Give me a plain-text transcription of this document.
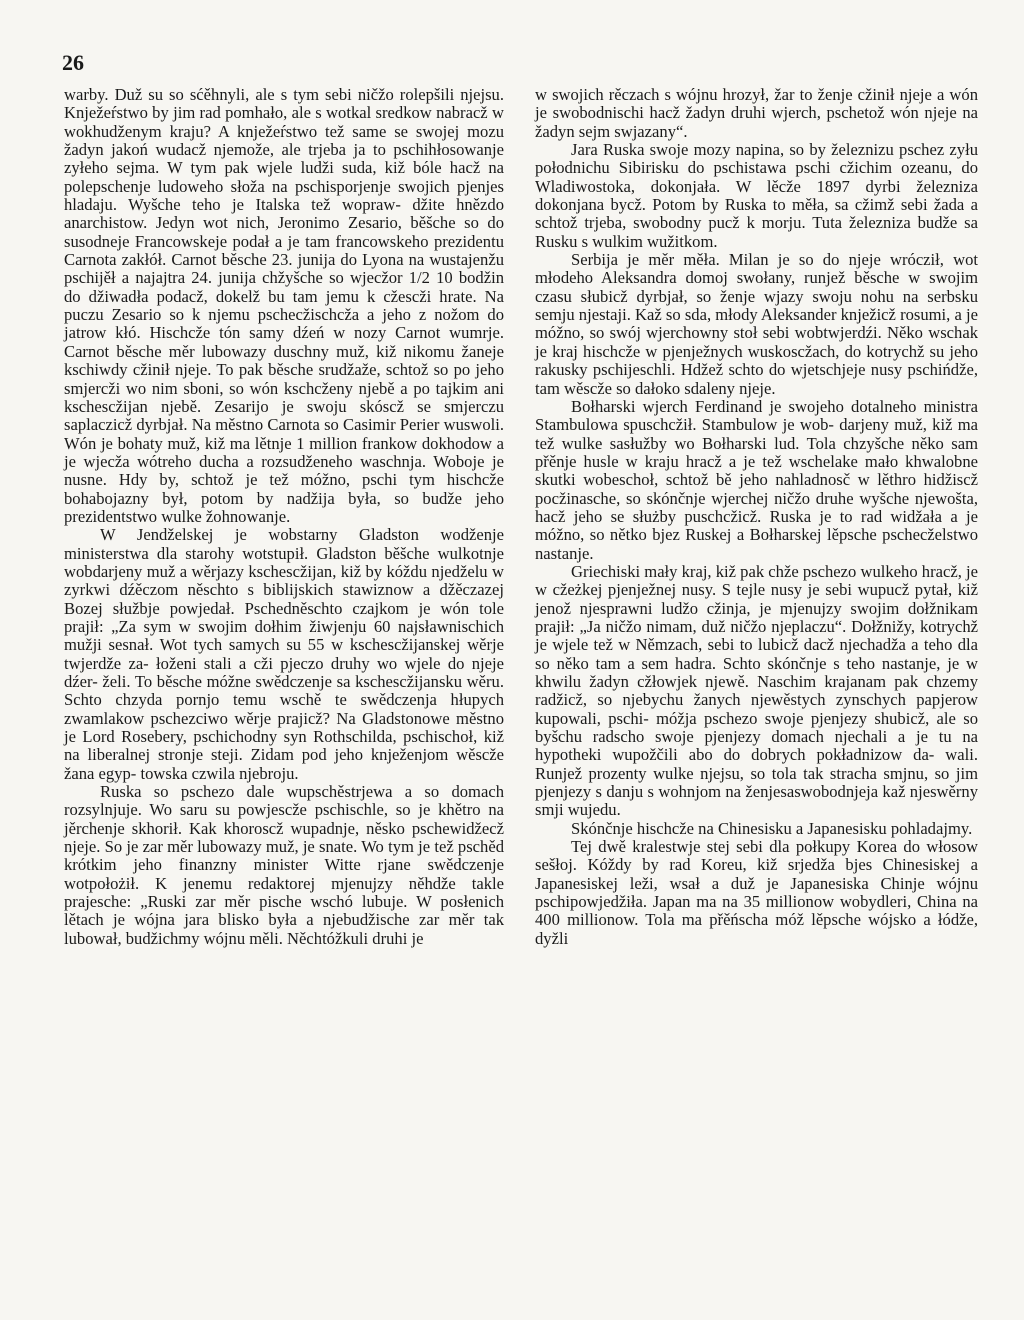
26

warby. Duž su so sćěhnyli, ale s tym sebi ničžo rolepšili njejsu. Knježeŕstwo by jim rad pomhało, ale s wotkal sredkow nabracž w wokhudženym kraju? A knježeŕstwo tež same se swojej mozu žadyn jakoń wudacž njemože, ale trjeba ja to pschihłosowanje zyłeho sejma. W tym pak wjele ludži suda, kiž bóle hacž na polepschenje ludoweho słoža na pschisporjenje swojich pjenjes hladaju. Wyšche teho je Italska tež wopraw- džite hnězdo anarchistow. Jedyn wot nich, Jeronimo Zesario, běšche so do susodneje Francowskeje podał a je tam francowskeho prezidentu Carnota zakłół. Carnot běsche 23. junija do Lyona na wustajenžu pschijěł a najajtra 24. junija chžyšche so wjecžor 1/2 10 bodžin do džiwadła podacž, dokelž bu tam jemu k cžescži hrate. Na puczu Zesario so k njemu pschecžischcža a jeho z nožom do jatrow kłó. Hischcže tón samy dźeń w nozy Carnot wumrje. Carnot běsche měr lubowazy duschny muž, kiž nikomu žaneje kschiwdy cžinił njeje. To pak běsche srudžaže, schtož so po jeho smjercži wo nim sboni, so wón kschcženy njebě a po tajkim ani kschescžijan njebě. Zesarijo je swoju skóscž se smjerczu saplaczicž dyrbjał. Na městno Carnota so Casimir Perier wuswoli. Wón je bohaty muž, kiž ma lětnje 1 million frankow dokhodow a je wjecža wótreho ducha a rozsudženeho waschnja. Woboje je nusne. Hdy by, schtož je tež móžno, pschi tym hischcže bohabojazny był, potom by nadžija była, so budže jeho prezidentstwo wulke žohnowanje.

W Jendželskej je wobstarny Gladston wodženje ministerstwa dla starohy wotstupił. Gladston běšche wulkotnje wobdarjeny muž a wěrjazy kschescžijan, kiž by kóždu njedželu w zyrkwi dźěczom něschto s biblijskich stawiznow a džěczazej Bozej słužbje powjedał. Pschedněschto czajkom je wón tole prajił: „Za sym w swojim dołhim žiwjenju 60 najsławnischich mužji sesnał. Wot tych samych su 55 w kschescžijanskej wěrje twjerdže za- łoženi stali a cži pjeczo druhy wo wjele do njeje dźer- želi. To běsche móžne swědczenje sa kschescžijansku wěru. Schto chzyda pornjo temu wschě te swědczenja hłupych zwamlakow pschezciwo wěrje prajicž? Na Gladstonowe městno je Lord Rosebery, pschichodny syn Rothschilda, pschischoł, kiž na liberalnej stronje steji. Zidam pod jeho knježenjom wěscže žana egyp- towska czwila njebroju.

Ruska so pschezo dale wupschěstrjewa a so domach rozsylnjuje. Wo saru su powjescže pschischle, so je khětro na jěrchenje skhorił. Kak khoroscž wupadnje, něsko pschewidžecž njeje. So je zar měr lubowazy muž, je snate. Wo tym je tež pschěd krótkim jeho finanzny minister Witte rjane swědczenje wotpołożił. K jenemu redaktorej mjenujzy něhdže takle prajesche: „Ruski zar měr pische wschó lubuje. W posłenich lětach je wójna jara blisko była a njebudžische zar měr tak lubował, budžichmy wójnu měli. Něchtóžkuli druhi je

w swojich rěczach s wójnu hrozył, žar to ženje cžinił njeje a wón je swobodnischi hacž žadyn druhi wjerch, pschetož wón njeje na žadyn sejm swjazany“.

Jara Ruska swoje mozy napina, so by železnizu pschez zyłu połodnichu Sibirisku do pschistawa pschi cžichim ozeanu, do Wladiwostoka, dokonjała. W lěcže 1897 dyrbi železniza dokonjana bycž. Potom by Ruska to měła, sa cžimž sebi žada a schtož trjeba, swobodny pucž k morju. Tuta železniza budže sa Rusku s wulkim wužitkom.

Serbija je měr měła. Milan je so do njeje wrócził, wot młodeho Aleksandra domoj swołany, runjež běsche w swojim czasu słubicž dyrbjał, so ženje wjazy swoju nohu na serbsku semju njestaji. Kaž so sda, młody Aleksander knježicž rosumi, a je móžno, so swój wjerchowny stoł sebi wobtwjerdźi. Něko wschak je kraj hischcže w pjenježnych wuskoscžach, do kotrychž su jeho rakusky pschijeschli. Hdžež schto do wjetschjeje nusy pschińdže, tam wěscže so dałoko sdaleny njeje.

Bołharski wjerch Ferdinand je swojeho dotalneho ministra Stambulowa spuschcžił. Stambulow je wob- darjeny muž, kiž ma tež wulke sasłužby wo Bołharski lud. Tola chzyšche něko sam přěnje husle w kraju hracž a je tež wschelake mało khwalobne skutki wobeschoł, schtož bě jeho nahladnosč w lěthro hidžiscž pocžinasche, so skónčnje wjerchej ničžo druhe wyšche njewošta, hacž jeho se służby puschcžicž. Ruska je to rad widžała a je móžno, so nětko bjez Ruskej a Bołharskej lěpsche pschecželstwo nastanje.

Griechiski mały kraj, kiž pak chže pschezo wulkeho hracž, je w cžeżkej pjenježnej nusy. S tejle nusy je sebi wupucž pytał, kiž jenož njesprawni ludžo cžinja, je mjenujzy swojim dołžnikam prajił: „Ja ničžo nimam, duž ničžo njeplaczu“. Dołžnižy, kotrychž je wjele tež w Němzach, sebi to lubicž dacž njechadža a teho dla so něko tam a sem hadra. Schto skónčnje s teho nastanje, je w khwilu žadyn cžłowjek njewě. Naschim krajanam pak chzemy radžicž, so njebychu žanych njewěstych zynschych papjerow kupowali, pschi- móžja pschezo swoje pjenjezy shubicž, ale so byšchu radscho swoje pjenjezy domach njechali a je tu na hypotheki wupožčili abo do dobrych pokładnizow da- wali. Runjež prozenty wulke njejsu, so tola tak stracha smjnu, so jim pjenjezy s danju s wohnjom na ženjesaswobodnjeja kaž njeswěrny smji wujedu.

Skónčnje hischcže na Chinesisku a Japanesisku pohladajmy.

Tej dwě kralestwje stej sebi dla połkupy Korea do włosow sešłoj. Kóždy by rad Koreu, kiž srjedža bjes Chinesiskej a Japanesiskej leži, wsał a duž je Japanesiska Chinje wójnu pschipowjedžiła. Japan ma na 35 millionow wobydleri, China na 400 millionow. Tola ma přěńscha móž lěpsche wójsko a łódže, dyžli
